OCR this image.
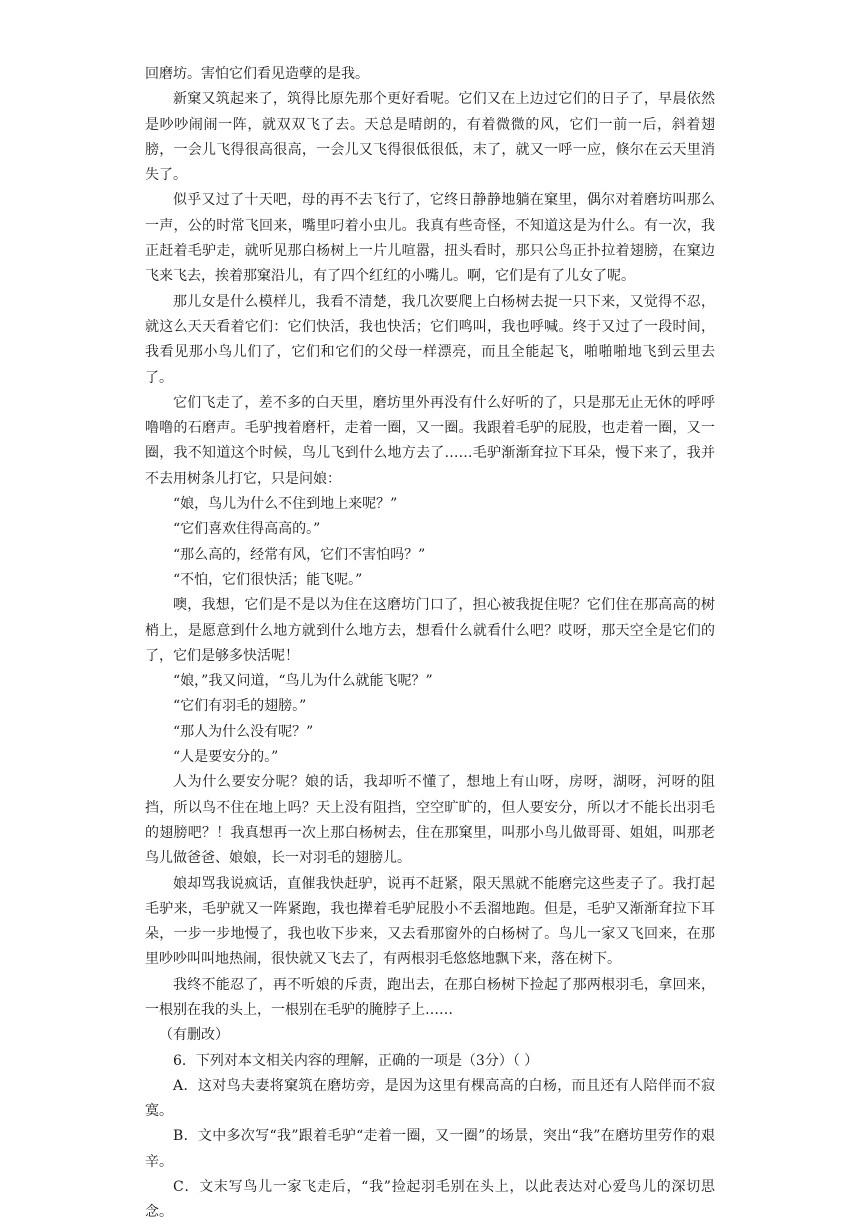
回磨坊。害怕它们看见造孽的是我。

新窠又筑起来了，筑得比原先那个更好看呢。它们又在上边过它们的日子了，早晨依然是吵吵闹闹一阵，就双双飞了去。天总是晴朗的，有着微微的风，它们一前一后，斜着翅膀，一会儿飞得很高很高，一会儿又飞得很低很低，末了，就又一呼一应，倏尔在云天里消失了。

似乎又过了十天吧，母的再不去飞行了，它终日静静地躺在窠里，偶尔对着磨坊叫那么一声，公的时常飞回来，嘴里叼着小虫儿。我真有些奇怪，不知道这是为什么。有一次，我正赶着毛驴走，就听见那白杨树上一片儿喧嚣，扭头看时，那只公鸟正扑拉着翅膀，在窠边飞来飞去，挨着那窠沿儿，有了四个红红的小嘴儿。啊，它们是有了儿女了呢。

那儿女是什么模样儿，我看不清楚，我几次要爬上白杨树去捉一只下来，又觉得不忍，就这么天天看着它们：它们快活，我也快活；它们鸣叫，我也呼喊。终于又过了一段时间，我看见那小鸟儿们了，它们和它们的父母一样漂亮，而且全能起飞，啪啪啪地飞到云里去了。

它们飞走了，差不多的白天里，磨坊里外再没有什么好听的了，只是那无止无休的呼呼噜噜的石磨声。毛驴拽着磨杆，走着一圈，又一圈。我跟着毛驴的屁股，也走着一圈，又一圈，我不知道这个时候，鸟儿飞到什么地方去了……毛驴渐渐耷拉下耳朵，慢下来了，我并不去用树条儿打它，只是问娘：

“娘，鸟儿为什么不住到地上来呢？”

“它们喜欢住得高高的。”

“那么高的，经常有风，它们不害怕吗？”

“不怕，它们很快活；能飞呢。”

噢，我想，它们是不是以为住在这磨坊门口了，担心被我捉住呢？它们住在那高高的树梢上，是愿意到什么地方就到什么地方去，想看什么就看什么吧？哎呀，那天空全是它们的了，它们是够多快活呢！

“娘，”我又问道，“鸟儿为什么就能飞呢？”

“它们有羽毛的翅膀。”

“那人为什么没有呢？”

“人是要安分的。”

人为什么要安分呢？娘的话，我却听不懂了，想地上有山呀，房呀，湖呀，河呀的阻挡，所以鸟不住在地上吗？天上没有阻挡，空空旷旷的，但人要安分，所以才不能长出羽毛的翅膀吧？！我真想再一次上那白杨树去，住在那窠里，叫那小鸟儿做哥哥、姐姐，叫那老鸟儿做爸爸、娘娘，长一对羽毛的翅膀儿。

娘却骂我说疯话，直催我快赶驴，说再不赶紧，限天黑就不能磨完这些麦子了。我打起毛驴来，毛驴就又一阵紧跑，我也撵着毛驴屁股小不丢溜地跑。但是，毛驴又渐渐耷拉下耳朵，一步一步地慢了，我也收下步来，又去看那窗外的白杨树了。鸟儿一家又飞回来，在那里吵吵叫叫地热闹，很快就又飞去了，有两根羽毛悠悠地飘下来，落在树下。

我终不能忍了，再不听娘的斥责，跑出去，在那白杨树下捡起了那两根羽毛，拿回来，一根别在我的头上，一根别在毛驴的腌脖子上……

（有删改）

6．下列对本文相关内容的理解，正确的一项是（3分）（ ）

A．这对鸟夫妻将窠筑在磨坊旁，是因为这里有棵高高的白杨，而且还有人陪伴而不寂寞。

B．文中多次写“我”跟着毛驴“走着一圈，又一圈”的场景，突出“我”在磨坊里劳作的艰辛。

C．文末写鸟儿一家飞走后，“我”捡起羽毛别在头上，以此表达对心爱鸟儿的深切思念。
